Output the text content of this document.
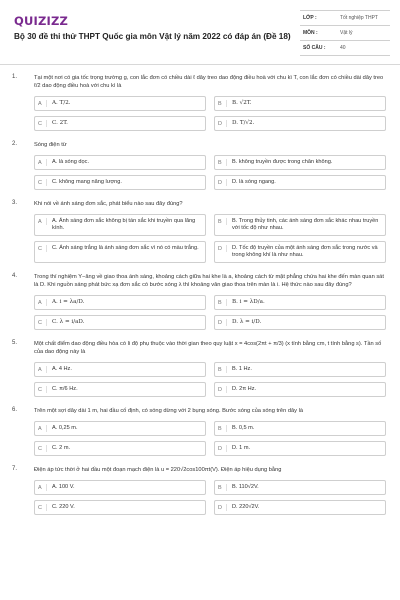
QUIZIZZ
Bộ 30 đề thi thử THPT Quốc gia môn Vật lý năm 2022 có đáp án (Đề 18)
LỚP :	Tốt nghiệp THPT
MÔN :	Vật lý
SỐ CÂU :	40
1.	Tại một nơi có gia tốc trọng trường g, con lắc đơn có chiều dài ℓ dây treo dao động điều hoà với chu kì T, con lắc đơn có chiều dài dây treo ℓ/2 dao động điều hoà với chu kì là
A	A. T/2.	B	B. √2T.
C	C. 2T.	D	D. T/√2.
2.	Sóng điện từ
A	A. là sóng dọc.	B	B. không truyền được trong chân không.
C	C. không mang năng lượng.	D	D. là sóng ngang.
3.	Khi nói về ánh sáng đơn sắc, phát biểu nào sau đây đúng?
A	A. Ánh sáng đơn sắc không bị tán sắc khi truyền qua lăng kính.
B	B. Trong thủy tinh, các ánh sáng đơn sắc khác nhau truyền với tốc độ như nhau.
C	C. Ánh sáng trắng là ánh sáng đơn sắc vì nó có màu trắng.	D	D. Tốc độ truyền của một ánh sáng đơn sắc trong nước và trong không khí là như nhau.
4.	Trong thí nghiệm Y−âng về giao thoa ánh sáng, khoảng cách giữa hai khe là a, khoảng cách từ mặt phẳng chứa hai khe đến màn quan sát là D. Khi nguồn sáng phát bức xạ đơn sắc có bước sóng λ thì khoảng vân giao thoa trên màn là i. Hệ thức nào sau đây đúng?
A	A. i = λa/D.	B	B. i = λD/a.
C	C. λ = i/aD.	D	D. λ = i/D.
5.	Một chất điểm dao động điều hòa có li độ phụ thuộc vào thời gian theo quy luật x = 4cos(2πt + π/3) (x tính bằng cm, t tính bằng s). Tần số của dao động này là
A	A. 4 Hz.	B	B. 1 Hz.
C	C. π/6 Hz.	D	D. 2π Hz.
6.	Trên một sợi dây dài 1 m, hai đầu cố định, có sóng dừng với 2 bụng sóng. Bước sóng của sóng trên dây là
A	A. 0,25 m.	B	B. 0,5 m.
C	C. 2 m.	D	D. 1 m.
7.	Điện áp tức thời ở hai đầu một đoạn mạch điện là u = 220√2cos100πt(V). Điện áp hiệu dụng bằng
A	A. 100 V.	B	B. 110√2V.
C	C. 220 V.	D	D. 220√2V.
